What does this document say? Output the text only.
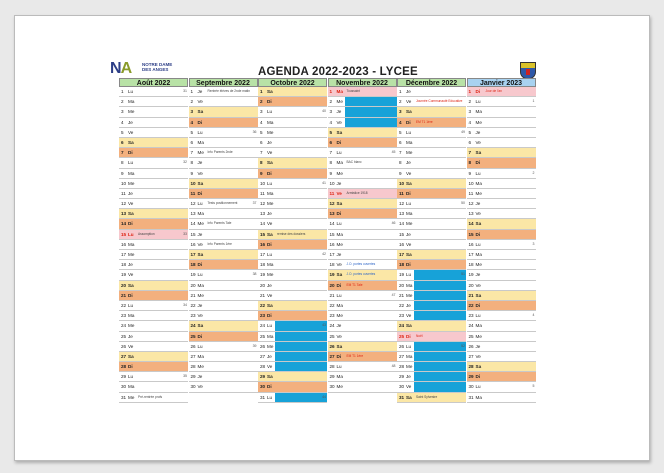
NA NOTRE DAME
DES ANGES	AGENDA 2022-2023 - LYCEE
Août 2022
1 Lu	31
2 Ma
3 Me
4 Je
5 Ve
6 Sa
7 Di
8 Lu	32
9 Ma
10 Me
11 Je
12 Ve
13 Sa
14 Di
15 Lu Assomption	33
16 Ma
17 Me
18 Je
19 Ve
20 Sa
21 Di
22 Lu	34
23 Ma
24 Me
25 Je
26 Ve
27 Sa
28 Di
29 Lu	35
30 Ma
31 Me Pré-rentrée profs
Septembre 2022
1 Je Rentrée élèves de 2nde matin
2 Ve
3 Sa
4 Di
5 Lu	36
6 Ma
7 Me Info Parents 2nde
8 Je
9 Ve
10 Sa
11 Di
12 Lu Tests positionnement	37
13 Ma
14 Me Info Parents Tale
15 Je
16 Ve Info Parents 1ère
17 Sa
18 Di
19 Lu	38
20 Ma
21 Me
22 Je
23 Ve
24 Sa
25 Di
26 Lu	39
27 Ma
28 Me
29 Je
30 Ve
Octobre 2022
1 Sa
2 Di
3 Lu	40
4 Ma
5 Me
6 Je
7 Ve
8 Sa
9 Di
10 Lu	41
11 Ma
12 Me
13 Je
14 Ve
15 Sa remise des dossiers
16 Di
17 Lu	42
18 Ma
19 Me
20 Je
21 Ve
22 Sa
23 Di
24 Lu	43
25 Ma
26 Me
27 Je
28 Ve
29 Sa
30 Di
31 Lu	44
Novembre 2022
1 Ma Toussaint
2 Me
3 Je
4 Ve
5 Sa
6 Di
7 Lu	45
8 Ma BAC blanc
9 Me
10 Je
11 Ve Armistice 1918
12 Sa
13 Di
14 Lu	46
15 Ma
16 Me
17 Je
18 Ve J.O. portes ouvertes
19 Sa J.O. portes ouvertes
20 Di EM T1 Tale
21 Lu	47
22 Ma
23 Me
24 Je
25 Ve
26 Sa
27 Di EM T1 1ère
28 Lu	48
29 Ma
30 Me
Décembre 2022
1 Je
2 Ve Journée Communauté Educative
3 Sa
4 Di EM T1 1ère
5 Lu	49
6 Ma
7 Me
8 Je
9 Ve
10 Sa
11 Di
12 Lu	50
13 Ma
14 Me
15 Je
16 Ve
17 Sa
18 Di
19 Lu	51
20 Ma
21 Me
22 Je
23 Ve
24 Sa
25 Di Noël
26 Lu	52
27 Ma
28 Me
29 Je
30 Ve
31 Sa Saint Sylvestre
Janvier 2023
1 Di Jour de l'an
2 Lu	1
3 Ma
4 Me
5 Je
6 Ve
7 Sa
8 Di
9 Lu	2
10 Ma
11 Me
12 Je
13 Ve
14 Sa
15 Di
16 Lu	3
17 Ma
18 Me
19 Je
20 Ve
21 Sa
22 Di
23 Lu	4
24 Ma
25 Me
26 Je
27 Ve
28 Sa
29 Di
30 Lu	5
31 Ma
